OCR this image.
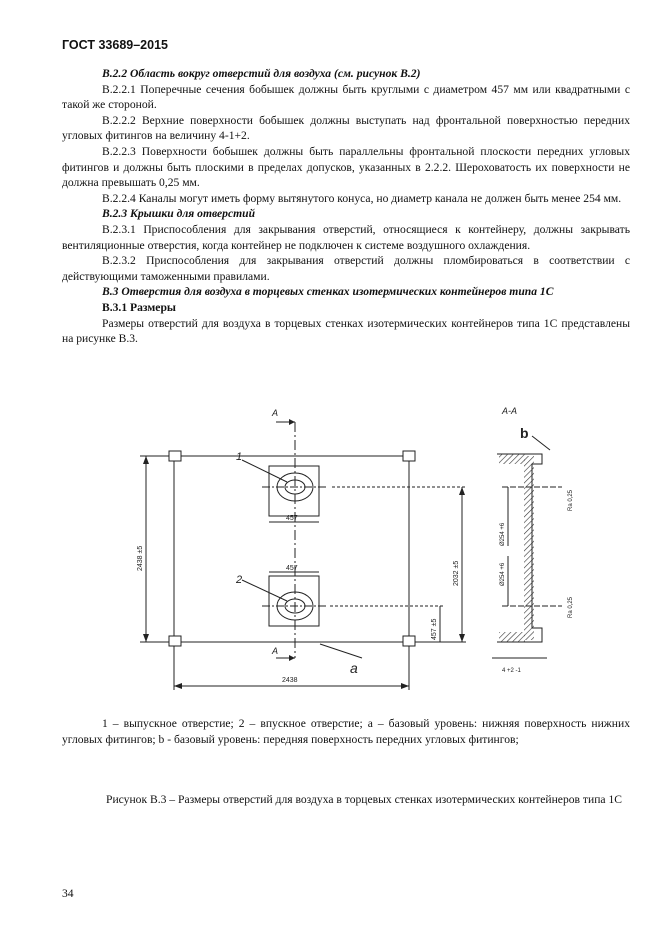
ГОСТ 33689–2015

В.2.2 Область вокруг отверстий для воздуха (см. рисунок В.2)

В.2.2.1 Поперечные сечения бобышек должны быть круглыми с диаметром 457 мм или квадратными с такой же стороной.

В.2.2.2 Верхние поверхности бобышек должны выступать над фронтальной поверхностью передних угловых фитингов на величину 4-1+2.

В.2.2.3 Поверхности бобышек должны быть параллельны фронтальной плоскости передних угловых фитингов и должны быть плоскими в пределах допусков, указанных в 2.2.2. Шероховатость их поверхности не должна превышать 0,25 мм.

В.2.2.4 Каналы могут иметь форму вытянутого конуса, но диаметр канала не должен быть менее 254 мм.

В.2.3 Крышки для отверстий

В.2.3.1 Приспособления для закрывания отверстий, относящиеся к контейнеру, должны закрывать вентиляционные отверстия, когда контейнер не подключен к системе воздушного охлаждения.

В.2.3.2 Приспособления для закрывания отверстий должны пломбироваться в соответствии с действующими таможенными правилами.

В.3 Отверстия для воздуха в торцевых стенках изотермических контейнеров типа 1С

В.3.1 Размеры

Размеры отверстий для воздуха в торцевых стенках изотермических контейнеров типа 1С представлены на рисунке В.3.

А
А
А-А
1
2
a
b
457
457
2438 ±5
2032 ±5
457 ±5
2438
Ø254 +6
Ø254 +6
Ra 0,25
Ra 0,25
4 +2 -1
1 – выпускное отверстие; 2 – впускное отверстие; а – базовый уровень: нижняя поверхность нижних угловых фитингов; b - базовый уровень: передняя поверхность передних угловых фитингов;
Рисунок В.3 – Размеры отверстий для воздуха в торцевых стенках изотермических контейнеров типа 1С
34
